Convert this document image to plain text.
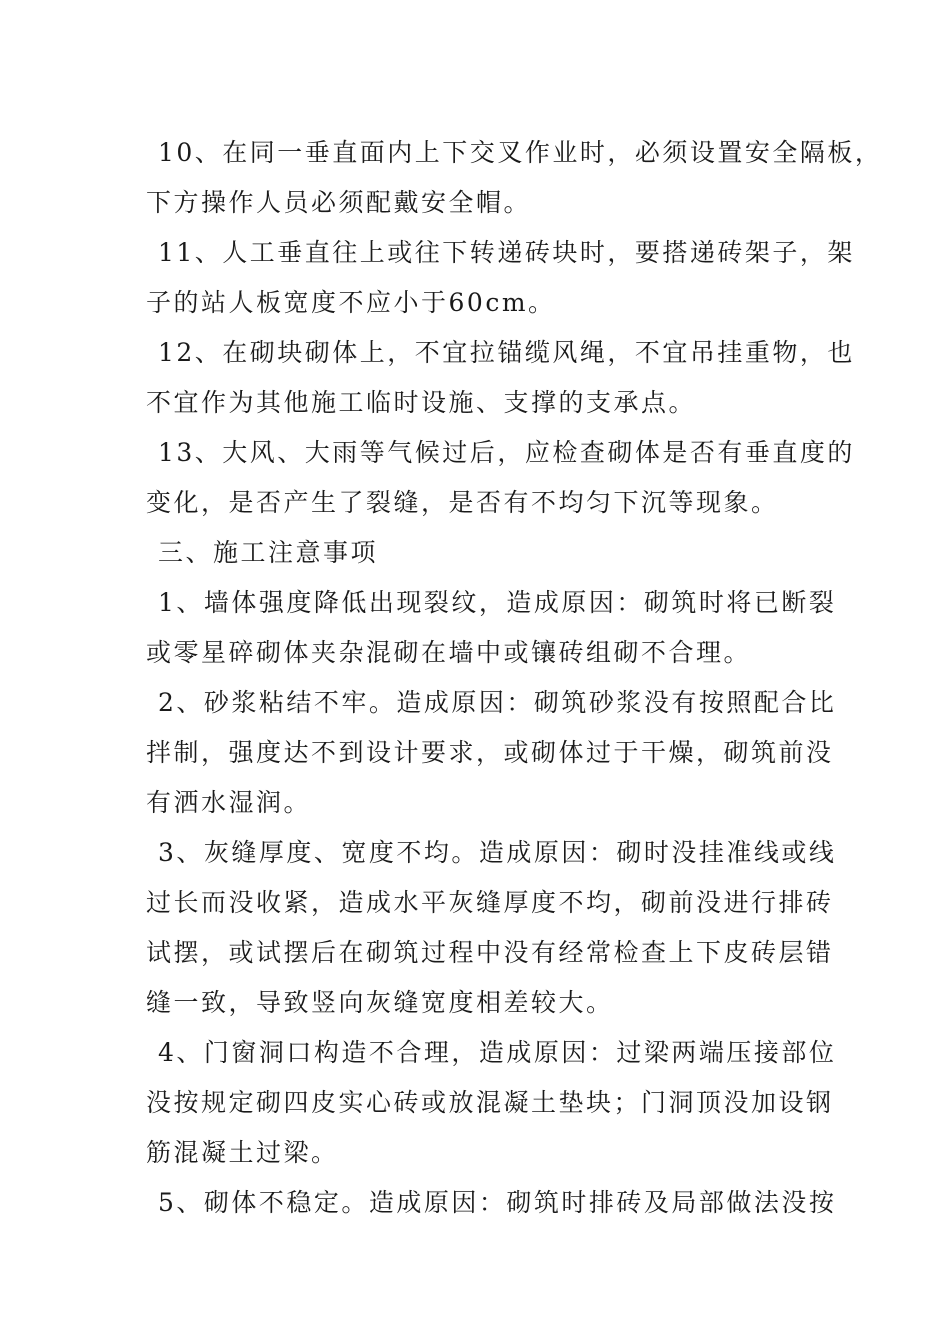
10、在同一垂直面内上下交叉作业时，必须设置安全隔板，
下方操作人员必须配戴安全帽。
11、人工垂直往上或往下转递砖块时，要搭递砖架子，架
子的站人板宽度不应小于60cm。
12、在砌块砌体上，不宜拉锚缆风绳，不宜吊挂重物，也
不宜作为其他施工临时设施、支撑的支承点。
13、大风、大雨等气候过后，应检查砌体是否有垂直度的
变化，是否产生了裂缝，是否有不均匀下沉等现象。
三、施工注意事项
1、墙体强度降低出现裂纹，造成原因：砌筑时将已断裂
或零星碎砌体夹杂混砌在墙中或镶砖组砌不合理。
2、砂浆粘结不牢。造成原因：砌筑砂浆没有按照配合比
拌制，强度达不到设计要求，或砌体过于干燥，砌筑前没
有洒水湿润。
3、灰缝厚度、宽度不均。造成原因：砌时没挂准线或线
过长而没收紧，造成水平灰缝厚度不均，砌前没进行排砖
试摆，或试摆后在砌筑过程中没有经常检查上下皮砖层错
缝一致，导致竖向灰缝宽度相差较大。
4、门窗洞口构造不合理，造成原因：过梁两端压接部位
没按规定砌四皮实心砖或放混凝土垫块；门洞顶没加设钢
筋混凝土过梁。
5、砌体不稳定。造成原因：砌筑时排砖及局部做法没按
